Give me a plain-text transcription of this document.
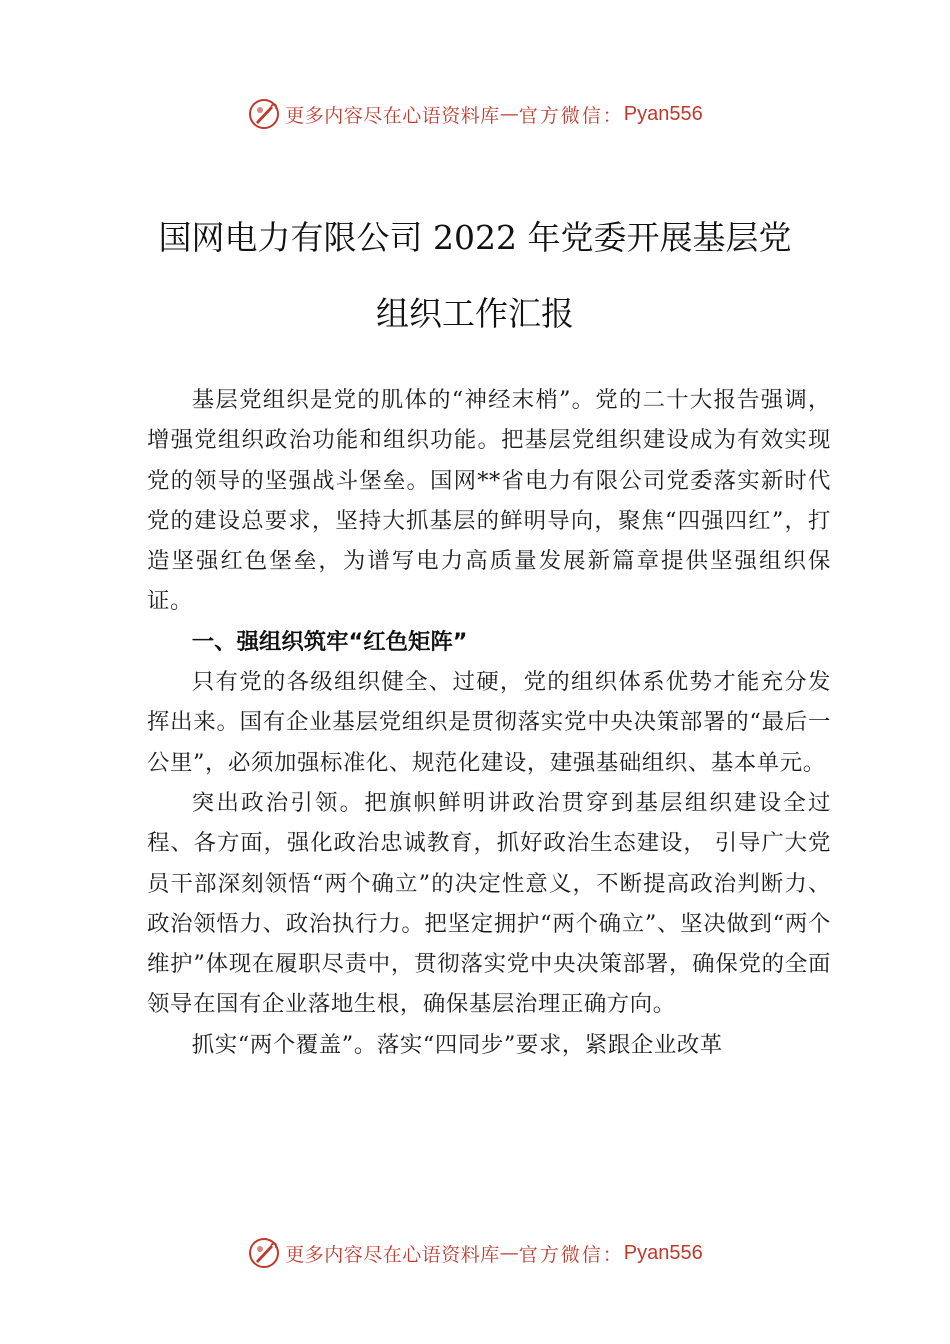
更多内容尽在心语资料库 — 官方微信： Pyan556
国网电力有限公司 2022 年党委开展基层党
组织工作汇报

基层党组织是党的肌体的“神经末梢”。党的二十大报告强调，增强党组织政治功能和组织功能。把基层党组织建设成为有效实现党的领导的坚强战斗堡垒。国网**省电力有限公司党委落实新时代党的建设总要求，坚持大抓基层的鲜明导向，聚焦“四强四红”，打造坚强红色堡垒，为谱写电力高质量发展新篇章提供坚强组织保证。

一、强组织筑牢“红色矩阵”

只有党的各级组织健全、过硬，党的组织体系优势才能充分发挥出来。国有企业基层党组织是贯彻落实党中央决策部署的“最后一公里”，必须加强标准化、规范化建设，建强基础组织、基本单元。

突出政治引领。把旗帜鲜明讲政治贯穿到基层组织建设全过程、各方面，强化政治忠诚教育，抓好政治生态建设， 引导广大党员干部深刻领悟“两个确立”的决定性意义，不断提高政治判断力、政治领悟力、政治执行力。把坚定拥护“两个确立”、坚决做到“两个维护”体现在履职尽责中，贯彻落实党中央决策部署，确保党的全面领导在国有企业落地生根，确保基层治理正确方向。

抓实“两个覆盖”。落实“四同步”要求，紧跟企业改革

更多内容尽在心语资料库 — 官方微信： Pyan556
